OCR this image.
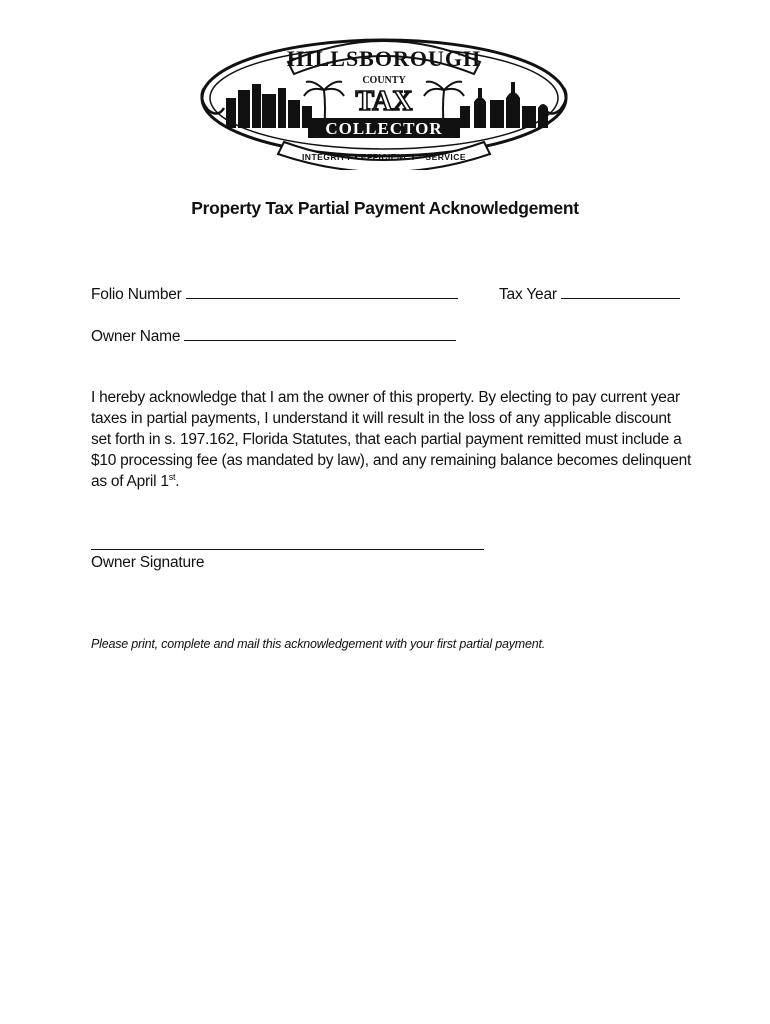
HILLSBOROUGH
COUNTY
TAX
COLLECTOR
INTEGRITY • EFFICIENCY • SERVICE
Property Tax Partial Payment Acknowledgement
Folio Number	Tax Year
Owner Name
I hereby acknowledge that I am the owner of this property. By electing to pay current year taxes in partial payments, I understand it will result in the loss of any applicable discount set forth in s. 197.162, Florida Statutes, that each partial payment remitted must include a $10 processing fee (as mandated by law), and any remaining balance becomes delinquent as of April 1st.
Owner Signature
Please print, complete and mail this acknowledgement with your first partial payment.
